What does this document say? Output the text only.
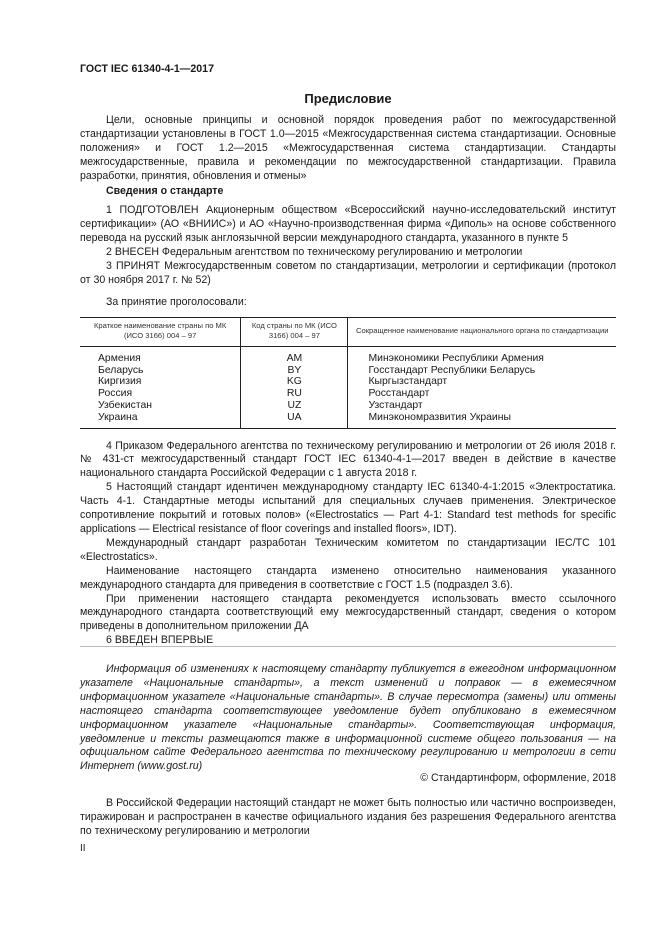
ГОСТ IEC 61340-4-1—2017
Предисловие

Цели, основные принципы и основной порядок проведения работ по межгосударственной стандартизации установлены в ГОСТ 1.0—2015 «Межгосударственная система стандартизации. Основные положения» и ГОСТ 1.2—2015 «Межгосударственная система стандартизации. Стандарты межгосударственные, правила и рекомендации по межгосударственной стандартизации. Правила разработки, принятия, обновления и отмены»

Сведения о стандарте

1 ПОДГОТОВЛЕН Акционерным обществом «Всероссийский научно-исследовательский институт сертификации» (АО «ВНИИС») и АО «Научно-производственная фирма «Диполь» на основе собственного перевода на русский язык англоязычной версии международного стандарта, указанного в пункте 5

2 ВНЕСЕН Федеральным агентством по техническому регулированию и метрологии

3 ПРИНЯТ Межгосударственным советом по стандартизации, метрологии и сертификации (протокол от 30 ноября 2017 г. № 52)

За принятие проголосовали:

Краткое наименование страны по МК (ИСО 3166) 004 – 97	Код страны по МК (ИСО 3166) 004 – 97	Сокращенное наименование национального органа по стандартизации
Армения	AM	Минэкономики Республики Армения
Беларусь	BY	Госстандарт Республики Беларусь
Киргизия	KG	Кыргызстандарт
Россия	RU	Росстандарт
Узбекистан	UZ	Узстандарт
Украина	UA	Минэкономразвития Украины

4 Приказом Федерального агентства по техническому регулированию и метрологии от 26 июля 2018 г. № 431-ст межгосударственный стандарт ГОСТ IEC 61340-4-1—2017 введен в действие в качестве национального стандарта Российской Федерации с 1 августа 2018 г.

5 Настоящий стандарт идентичен международному стандарту IEC 61340-4-1:2015 «Электростатика. Часть 4-1. Стандартные методы испытаний для специальных случаев применения. Электрическое сопротивление покрытий и готовых полов» («Electrostatics — Part 4-1: Standard test methods for specific applications — Electrical resistance of floor coverings and installed floors», IDT).

Международный стандарт разработан Техническим комитетом по стандартизации IEC/TC 101 «Electrostatics».

Наименование настоящего стандарта изменено относительно наименования указанного международного стандарта для приведения в соответствие с ГОСТ 1.5 (подраздел 3.6).

При применении настоящего стандарта рекомендуется использовать вместо ссылочного международного стандарта соответствующий ему межгосударственный стандарт, сведения о котором приведены в дополнительном приложении ДА

6 ВВЕДЕН ВПЕРВЫЕ

Информация об изменениях к настоящему стандарту публикуется в ежегодном информационном указателе «Национальные стандарты», а текст изменений и поправок — в ежемесячном информационном указателе «Национальные стандарты». В случае пересмотра (замены) или отмены настоящего стандарта соответствующее уведомление будет опубликовано в ежемесячном информационном указателе «Национальные стандарты». Соответствующая информация, уведомление и тексты размещаются также в информационной системе общего пользования — на официальном сайте Федерального агентства по техническому регулированию и метрологии в сети Интернет (www.gost.ru)

© Стандартинформ, оформление, 2018

В Российской Федерации настоящий стандарт не может быть полностью или частично воспроизведен, тиражирован и распространен в качестве официального издания без разрешения Федерального агентства по техническому регулированию и метрологии

II
